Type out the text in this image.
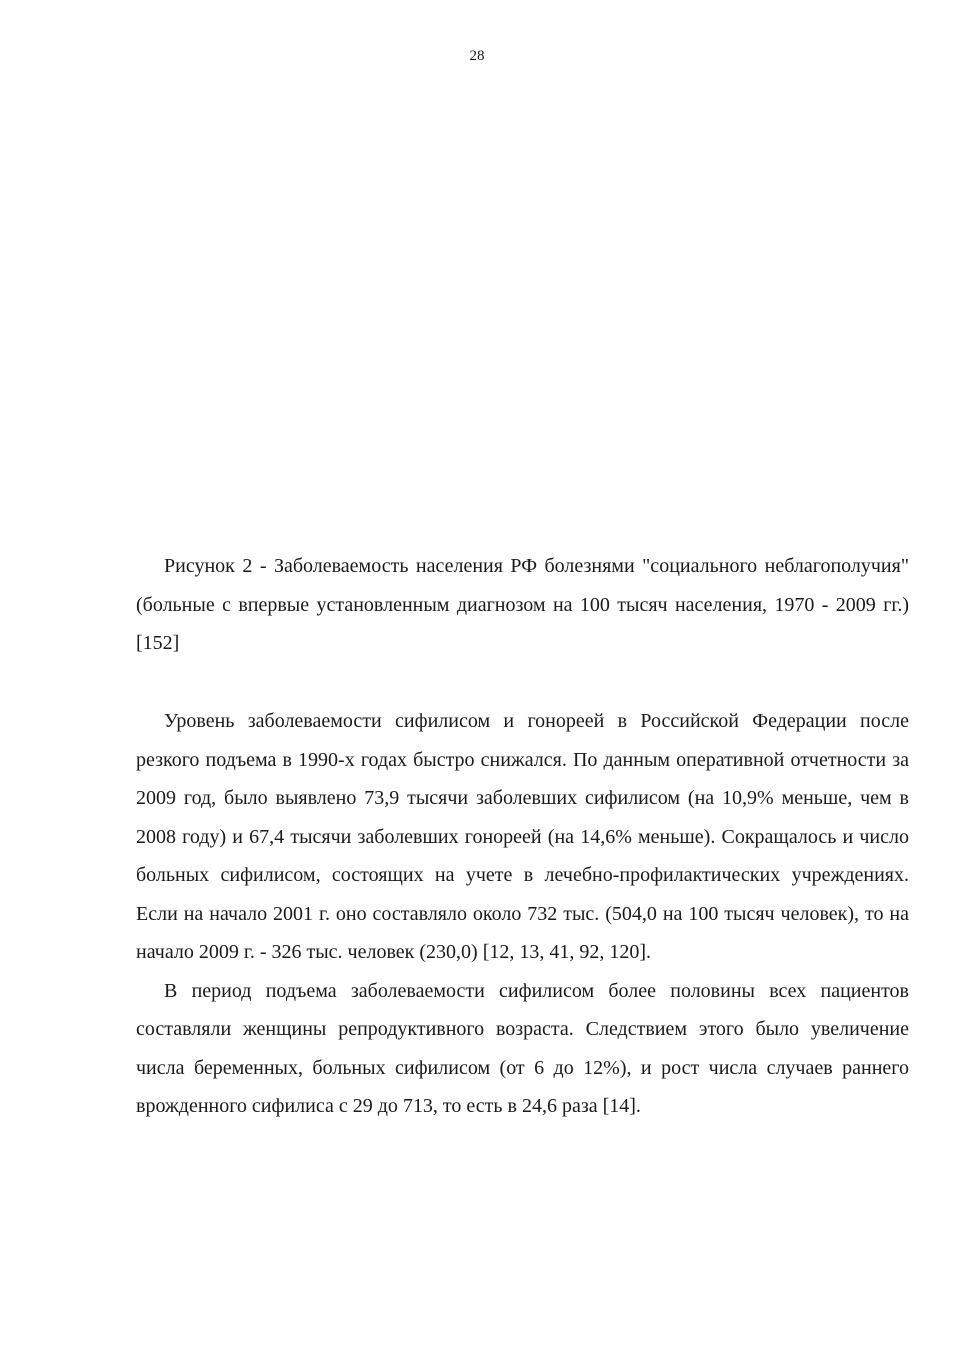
28

Рисунок 2 - Заболеваемость населения РФ болезнями "социального неблагополучия" (больные с впервые установленным диагнозом на 100 тысяч населения, 1970 - 2009 гг.) [152]

Уровень заболеваемости сифилисом и гонореей в Российской Федерации после резкого подъема в 1990-х годах быстро снижался. По данным оперативной отчетности за 2009 год, было выявлено 73,9 тысячи заболевших сифилисом (на 10,9% меньше, чем в 2008 году) и 67,4 тысячи заболевших гонореей (на 14,6% меньше). Сокращалось и число больных сифилисом, состоящих на учете в лечебно-профилактических учреждениях. Если на начало 2001 г. оно составляло около 732 тыс. (504,0 на 100 тысяч человек), то на начало 2009 г. - 326 тыс. человек (230,0) [12, 13, 41, 92, 120].

В период подъема заболеваемости сифилисом более половины всех пациентов составляли женщины репродуктивного возраста. Следствием этого было увеличение числа беременных, больных сифилисом (от 6 до 12%), и рост числа случаев раннего врожденного сифилиса с 29 до 713, то есть в 24,6 раза [14].
